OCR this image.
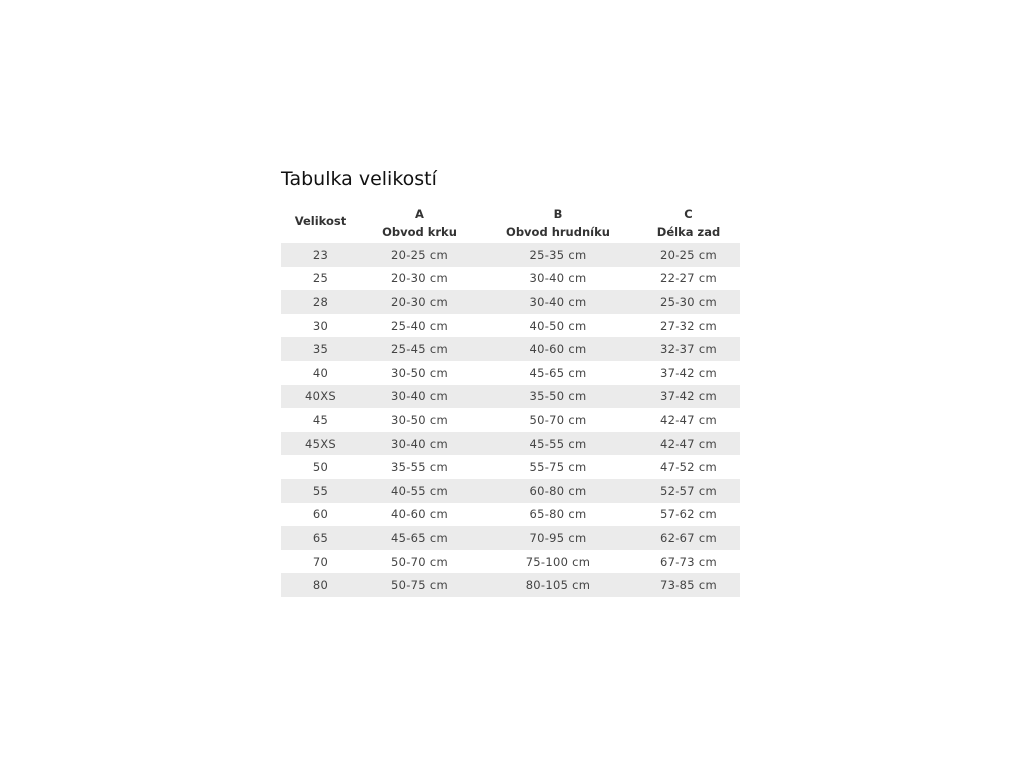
Tabulka velikostí
Velikost	A	B	C
	Obvod krku	Obvod hrudníku	Délka zad
23	20-25 cm	25-35 cm	20-25 cm
25	20-30 cm	30-40 cm	22-27 cm
28	20-30 cm	30-40 cm	25-30 cm
30	25-40 cm	40-50 cm	27-32 cm
35	25-45 cm	40-60 cm	32-37 cm
40	30-50 cm	45-65 cm	37-42 cm
40XS	30-40 cm	35-50 cm	37-42 cm
45	30-50 cm	50-70 cm	42-47 cm
45XS	30-40 cm	45-55 cm	42-47 cm
50	35-55 cm	55-75 cm	47-52 cm
55	40-55 cm	60-80 cm	52-57 cm
60	40-60 cm	65-80 cm	57-62 cm
65	45-65 cm	70-95 cm	62-67 cm
70	50-70 cm	75-100 cm	67-73 cm
80	50-75 cm	80-105 cm	73-85 cm
